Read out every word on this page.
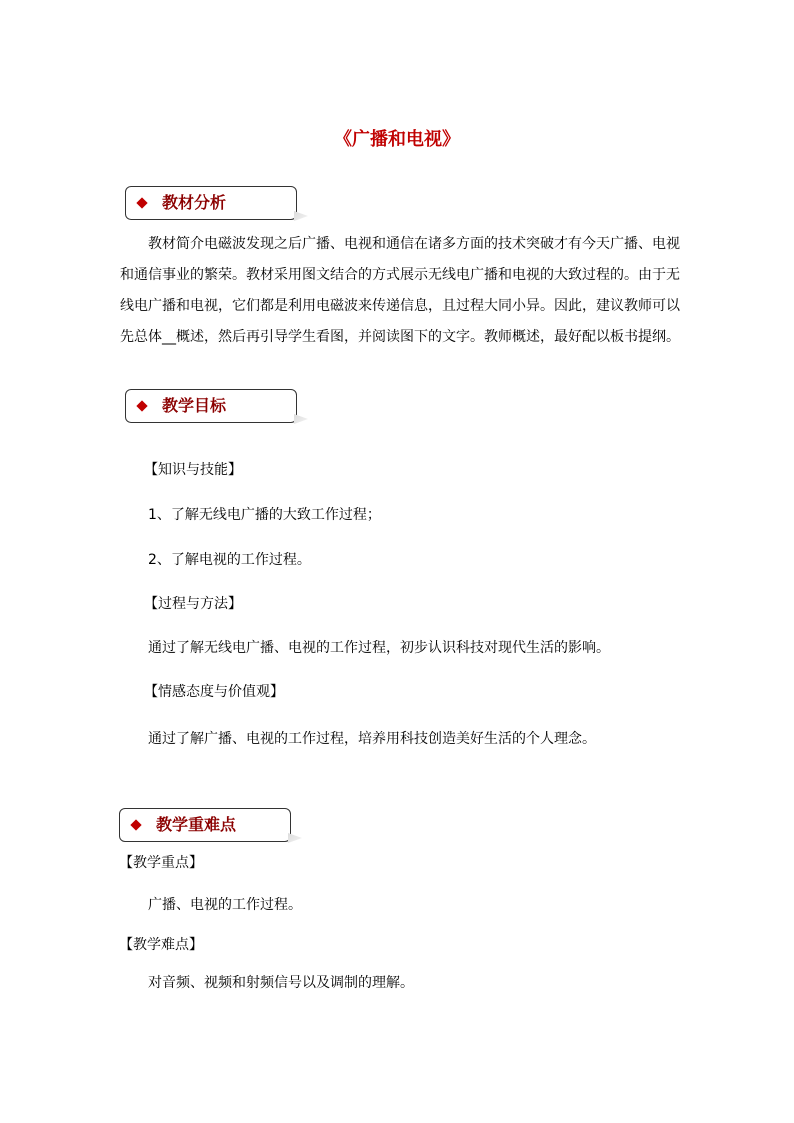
《广播和电视》
教材分析
教材简介电磁波发现之后广播、电视和通信在诸多方面的技术突破才有今天广播、电视和通信事业的繁荣。教材采用图文结合的方式展示无线电广播和电视的大致过程的。由于无线电广播和电视，它们都是利用电磁波来传递信息，且过程大同小异。因此，建议教师可以先总体__概述，然后再引导学生看图，并阅读图下的文字。教师概述，最好配以板书提纲。
教学目标
【知识与技能】
1、了解无线电广播的大致工作过程；
2、了解电视的工作过程。
【过程与方法】
通过了解无线电广播、电视的工作过程，初步认识科技对现代生活的影响。
【情感态度与价值观】
通过了解广播、电视的工作过程，培养用科技创造美好生活的个人理念。
教学重难点
【教学重点】
广播、电视的工作过程。
【教学难点】
对音频、视频和射频信号以及调制的理解。
